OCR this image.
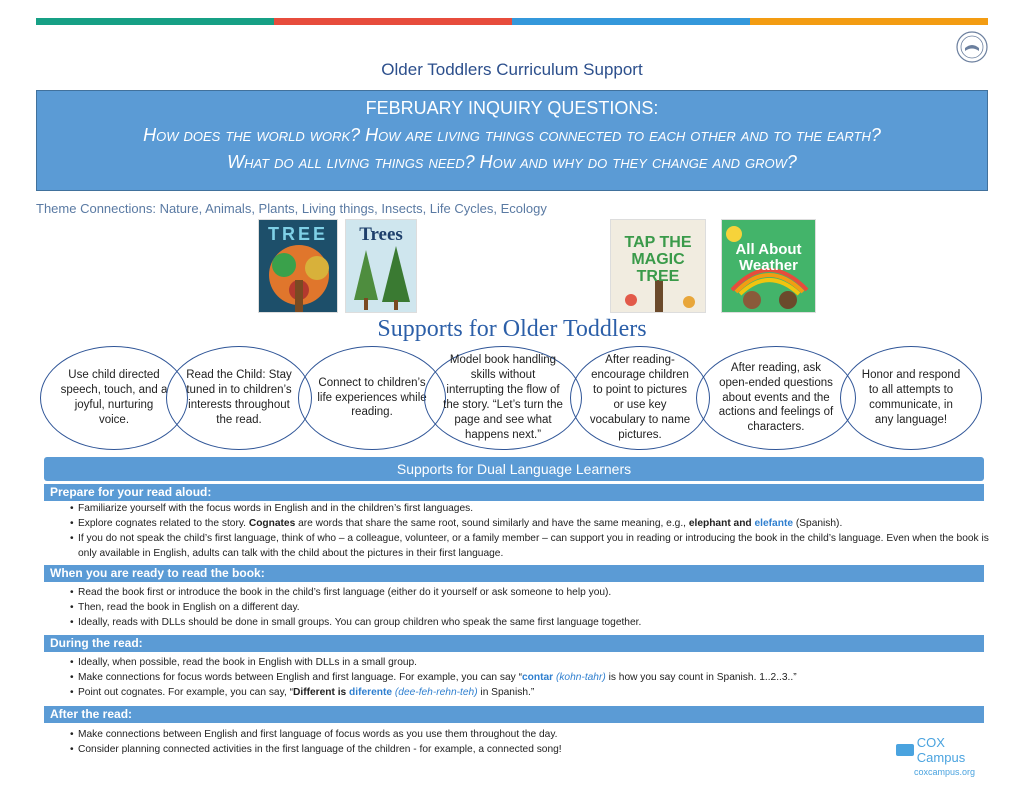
Older Toddlers Curriculum Support
FEBRUARY INQUIRY QUESTIONS:
How does the world work? How are living things connected to each other and to the earth?
What do all living things need? How and why do they change and grow?
Theme Connections: Nature, Animals, Plants, Living things, Insects, Life Cycles, Ecology
TREE	Trees	TAP THE MAGIC TREE
All About Weather
Supports for Older Toddlers
Use child directed speech, touch, and a joyful, nurturing voice.
Read the Child: Stay tuned in to children’s interests throughout the read.
Connect to children’s life experiences while reading.
Model book handling skills without interrupting the flow of the story. “Let’s turn the page and see what happens next.”
After reading- encourage children to point to pictures or use key vocabulary to name pictures.
After reading, ask open-ended questions about events and the actions and feelings of characters.
Honor and respond to all attempts to communicate, in any language!
Supports for Dual Language Learners
Prepare for your read aloud:
• Familiarize yourself with the focus words in English and in the children’s first languages.
• Explore cognates related to the story. Cognates are words that share the same root, sound similarly and have the same meaning, e.g., elephant and elefante (Spanish).
• If you do not speak the child’s first language, think of who – a colleague, volunteer, or a family member – can support you in reading or introducing the book in the child’s language. Even when the book is only available in English, adults can talk with the child about the pictures in their first language.
When you are ready to read the book:
• Read the book first or introduce the book in the child’s first language (either do it yourself or ask someone to help you).
• Then, read the book in English on a different day.
• Ideally, reads with DLLs should be done in small groups. You can group children who speak the same first language together.
During the read:
• Ideally, when possible, read the book in English with DLLs in a small group.
• Make connections for focus words between English and first language. For example, you can say “contar (kohn-tahr) is how you say count in Spanish. 1..2..3..”
• Point out cognates. For example, you can say, “Different is diferente (dee-feh-rehn-teh) in Spanish.”
After the read:
• Make connections between English and first language of focus words as you use them throughout the day.
• Consider planning connected activities in the first language of the children - for example, a connected song!	COX Campus
coxcampus.org
